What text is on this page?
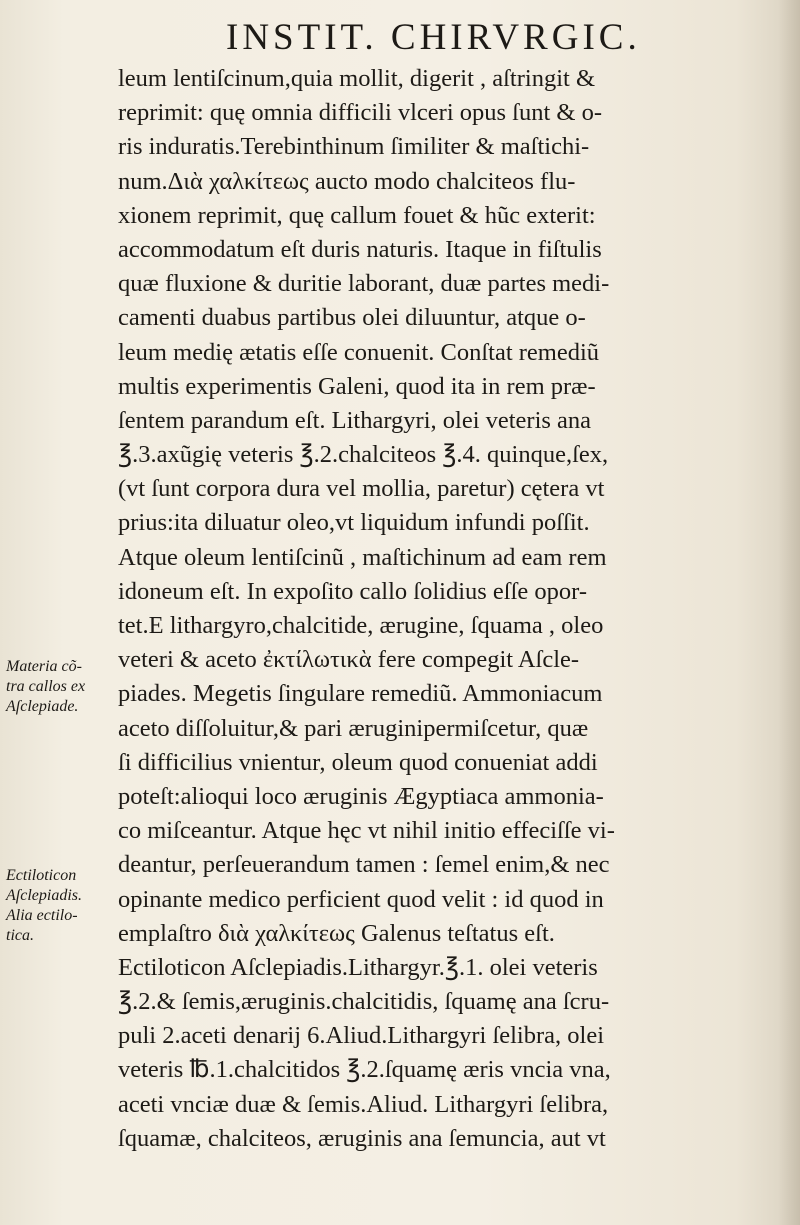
INSTIT. CHIRVRGIC.
leum lentiſcinum,quia mollit, digerit , aſtringit &
reprimit: quę omnia difficili vlceri opus ſunt & o-
ris induratis.Terebinthinum ſimiliter & maſtichi-
num.Διὰ χαλκίτεως aucto modo chalciteos flu-
xionem reprimit, quę callum fouet & hũc exterit:
accommodatum eſt duris naturis. Itaque in fiſtulis
quæ fluxione & duritie laborant, duæ partes medi-
camenti duabus partibus olei diluuntur, atque o-
leum medię ætatis eſſe conuenit. Conſtat remediũ
multis experimentis Galeni, quod ita in rem præ-
ſentem parandum eſt. Lithargyri, olei veteris ana
℥.3.axũgię veteris ℥.2.chalciteos ℥.4. quinque,ſex,
(vt ſunt corpora dura vel mollia, paretur) cętera vt
prius:ita diluatur oleo,vt liquidum infundi poſſit.
Atque oleum lentiſcinũ , maſtichinum ad eam rem
idoneum eſt. In expoſito callo ſolidius eſſe opor-
tet.E lithargyro,chalcitide, ærugine, ſquama , oleo
veteri & aceto ἐκτίλωτικὰ fere compegit Aſcle-
piades. Megetis ſingulare remediũ. Ammoniacum
aceto diſſoluitur,& pari æruginipermiſcetur, quæ
ſi difficilius vnientur, oleum quod conueniat addi
poteſt:alioqui loco æruginis Ægyptiaca ammonia-
co miſceantur. Atque hęc vt nihil initio effeciſſe vi-
deantur, perſeuerandum tamen : ſemel enim,& nec
opinante medico perficient quod velit : id quod in
emplaſtro διὰ χαλκίτεως Galenus teſtatus eſt.
Ectiloticon Aſclepiadis.Lithargyr.℥.1. olei veteris
℥.2.& ſemis,æruginis.chalcitidis, ſquamę ana ſcru-
puli 2.aceti denarij 6.Aliud.Lithargyri ſelibra, olei
veteris ℔.1.chalcitidos ℥.2.ſquamę æris vncia vna,
aceti vnciæ duæ & ſemis.Aliud. Lithargyri ſelibra,
ſquamæ, chalciteos, æruginis ana ſemuncia, aut vt
Materia cõ-
tra callos ex
Aſclepiade.
Ectiloticon
Aſclepiadis.
Alia ectilo-
tica.
